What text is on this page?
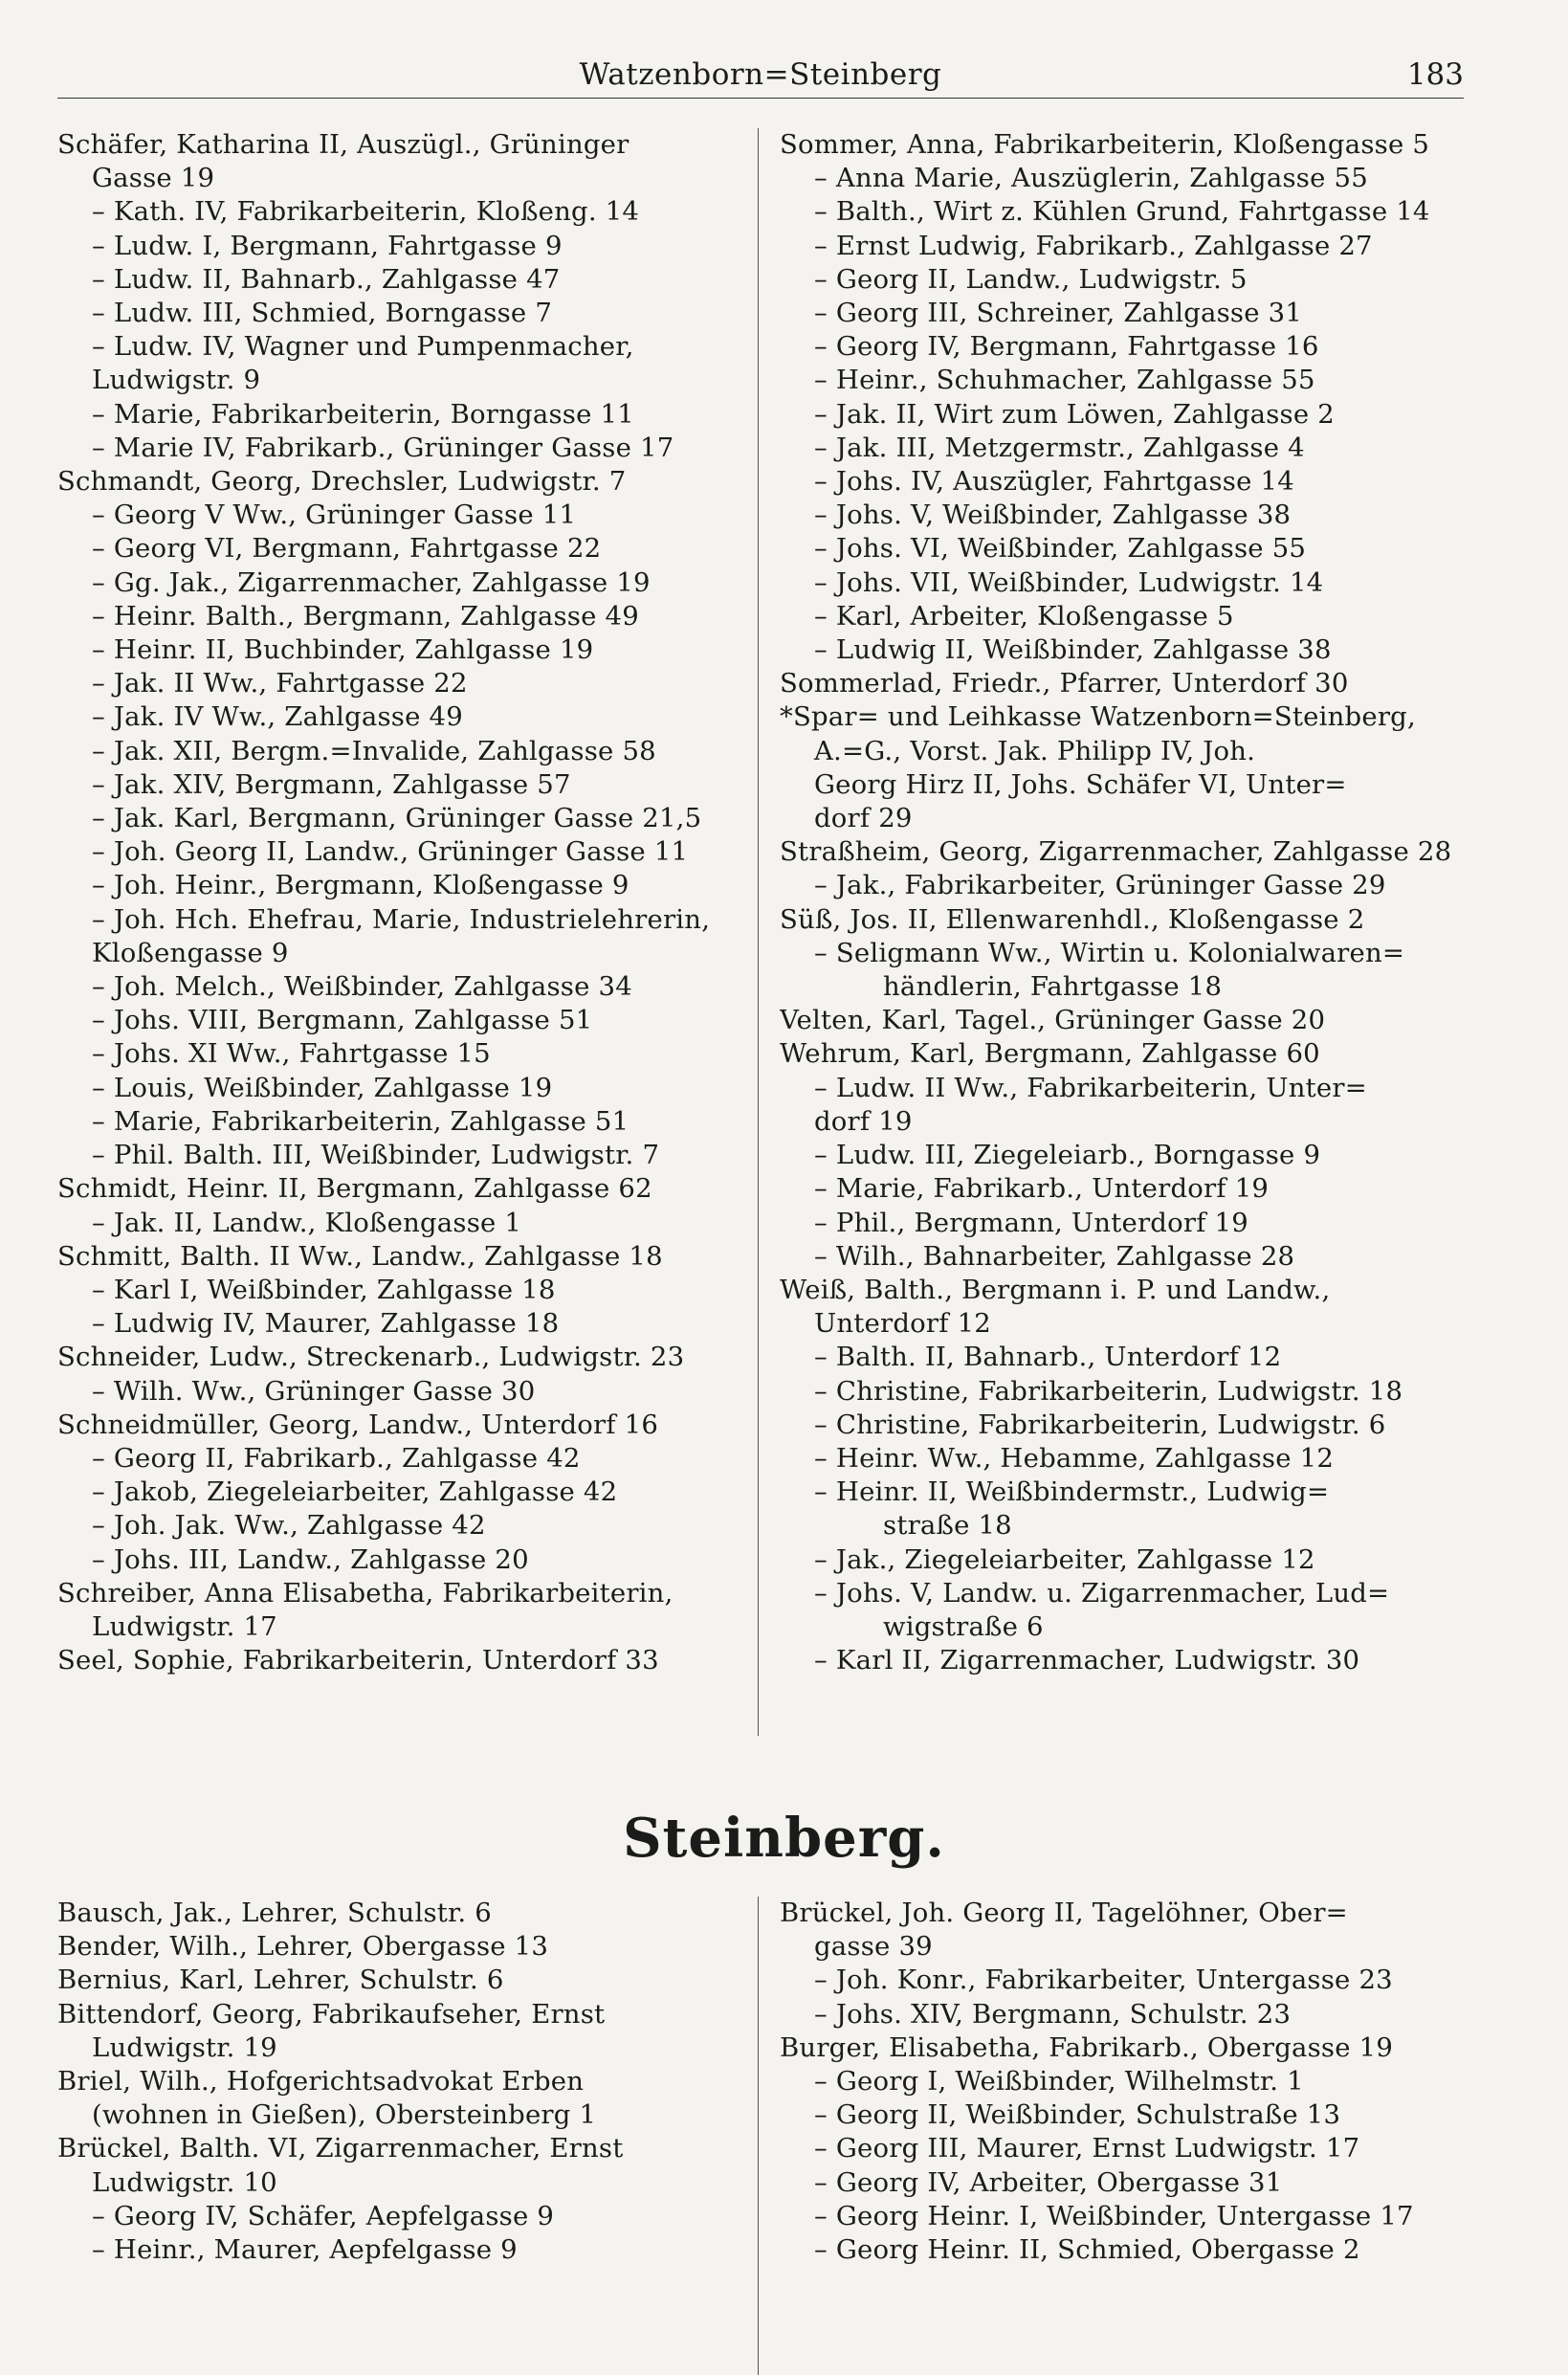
Watzenborn=Steinberg	183
Schäfer, Katharina II, Auszügl., Grüninger
Gasse 19
– Kath. IV, Fabrikarbeiterin, Kloßeng. 14
– Ludw. I, Bergmann, Fahrtgasse 9
– Ludw. II, Bahnarb., Zahlgasse 47
– Ludw. III, Schmied, Borngasse 7
– Ludw. IV, Wagner und Pumpenmacher,
Ludwigstr. 9
– Marie, Fabrikarbeiterin, Borngasse 11
– Marie IV, Fabrikarb., Grüninger Gasse 17
Schmandt, Georg, Drechsler, Ludwigstr. 7
– Georg V Ww., Grüninger Gasse 11
– Georg VI, Bergmann, Fahrtgasse 22
– Gg. Jak., Zigarrenmacher, Zahlgasse 19
– Heinr. Balth., Bergmann, Zahlgasse 49
– Heinr. II, Buchbinder, Zahlgasse 19
– Jak. II Ww., Fahrtgasse 22
– Jak. IV Ww., Zahlgasse 49
– Jak. XII, Bergm.=Invalide, Zahlgasse 58
– Jak. XIV, Bergmann, Zahlgasse 57
– Jak. Karl, Bergmann, Grüninger Gasse 21,5
– Joh. Georg II, Landw., Grüninger Gasse 11
– Joh. Heinr., Bergmann, Kloßengasse 9
– Joh. Hch. Ehefrau, Marie, Industrielehrerin,
Kloßengasse 9
– Joh. Melch., Weißbinder, Zahlgasse 34
– Johs. VIII, Bergmann, Zahlgasse 51
– Johs. XI Ww., Fahrtgasse 15
– Louis, Weißbinder, Zahlgasse 19
– Marie, Fabrikarbeiterin, Zahlgasse 51
– Phil. Balth. III, Weißbinder, Ludwigstr. 7
Schmidt, Heinr. II, Bergmann, Zahlgasse 62
– Jak. II, Landw., Kloßengasse 1
Schmitt, Balth. II Ww., Landw., Zahlgasse 18
– Karl I, Weißbinder, Zahlgasse 18
– Ludwig IV, Maurer, Zahlgasse 18
Schneider, Ludw., Streckenarb., Ludwigstr. 23
– Wilh. Ww., Grüninger Gasse 30
Schneidmüller, Georg, Landw., Unterdorf 16
– Georg II, Fabrikarb., Zahlgasse 42
– Jakob, Ziegeleiarbeiter, Zahlgasse 42
– Joh. Jak. Ww., Zahlgasse 42
– Johs. III, Landw., Zahlgasse 20
Schreiber, Anna Elisabetha, Fabrikarbeiterin,
Ludwigstr. 17
Seel, Sophie, Fabrikarbeiterin, Unterdorf 33
Sommer, Anna, Fabrikarbeiterin, Kloßengasse 5
– Anna Marie, Auszüglerin, Zahlgasse 55
– Balth., Wirt z. Kühlen Grund, Fahrtgasse 14
– Ernst Ludwig, Fabrikarb., Zahlgasse 27
– Georg II, Landw., Ludwigstr. 5
– Georg III, Schreiner, Zahlgasse 31
– Georg IV, Bergmann, Fahrtgasse 16
– Heinr., Schuhmacher, Zahlgasse 55
– Jak. II, Wirt zum Löwen, Zahlgasse 2
– Jak. III, Metzgermstr., Zahlgasse 4
– Johs. IV, Auszügler, Fahrtgasse 14
– Johs. V, Weißbinder, Zahlgasse 38
– Johs. VI, Weißbinder, Zahlgasse 55
– Johs. VII, Weißbinder, Ludwigstr. 14
– Karl, Arbeiter, Kloßengasse 5
– Ludwig II, Weißbinder, Zahlgasse 38
Sommerlad, Friedr., Pfarrer, Unterdorf 30
*Spar= und Leihkasse Watzenborn=Steinberg,
A.=G., Vorst. Jak. Philipp IV, Joh.
Georg Hirz II, Johs. Schäfer VI, Unter=
dorf 29
Straßheim, Georg, Zigarrenmacher, Zahlgasse 28
– Jak., Fabrikarbeiter, Grüninger Gasse 29
Süß, Jos. II, Ellenwarenhdl., Kloßengasse 2
– Seligmann Ww., Wirtin u. Kolonialwaren=
händlerin, Fahrtgasse 18
Velten, Karl, Tagel., Grüninger Gasse 20
Wehrum, Karl, Bergmann, Zahlgasse 60
– Ludw. II Ww., Fabrikarbeiterin, Unter=
dorf 19
– Ludw. III, Ziegeleiarb., Borngasse 9
– Marie, Fabrikarb., Unterdorf 19
– Phil., Bergmann, Unterdorf 19
– Wilh., Bahnarbeiter, Zahlgasse 28
Weiß, Balth., Bergmann i. P. und Landw.,
Unterdorf 12
– Balth. II, Bahnarb., Unterdorf 12
– Christine, Fabrikarbeiterin, Ludwigstr. 18
– Christine, Fabrikarbeiterin, Ludwigstr. 6
– Heinr. Ww., Hebamme, Zahlgasse 12
– Heinr. II, Weißbindermstr., Ludwig=
straße 18
– Jak., Ziegeleiarbeiter, Zahlgasse 12
– Johs. V, Landw. u. Zigarrenmacher, Lud=
wigstraße 6
– Karl II, Zigarrenmacher, Ludwigstr. 30
Steinberg.
Bausch, Jak., Lehrer, Schulstr. 6
Bender, Wilh., Lehrer, Obergasse 13
Bernius, Karl, Lehrer, Schulstr. 6
Bittendorf, Georg, Fabrikaufseher, Ernst
Ludwigstr. 19
Briel, Wilh., Hofgerichtsadvokat Erben
(wohnen in Gießen), Obersteinberg 1
Brückel, Balth. VI, Zigarrenmacher, Ernst
Ludwigstr. 10
– Georg IV, Schäfer, Aepfelgasse 9
– Heinr., Maurer, Aepfelgasse 9
Brückel, Joh. Georg II, Tagelöhner, Ober=
gasse 39
– Joh. Konr., Fabrikarbeiter, Untergasse 23
– Johs. XIV, Bergmann, Schulstr. 23
Burger, Elisabetha, Fabrikarb., Obergasse 19
– Georg I, Weißbinder, Wilhelmstr. 1
– Georg II, Weißbinder, Schulstraße 13
– Georg III, Maurer, Ernst Ludwigstr. 17
– Georg IV, Arbeiter, Obergasse 31
– Georg Heinr. I, Weißbinder, Untergasse 17
– Georg Heinr. II, Schmied, Obergasse 2
